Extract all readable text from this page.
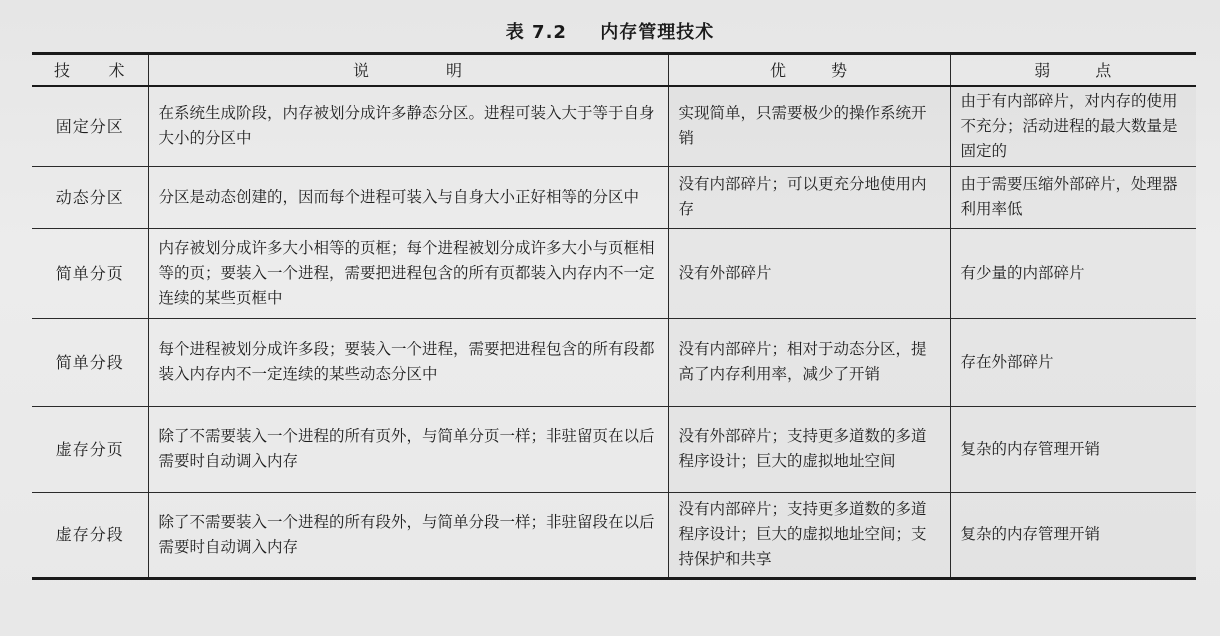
表 7.2 内存管理技术
技 术	说 明	优 势	弱 点
固定分区	在系统生成阶段，内存被划分成许多静态分区。进程可装入大于等于自身大小的分区中	实现简单，只需要极少的操作系统开销	由于有内部碎片，对内存的使用不充分；活动进程的最大数量是固定的
动态分区	分区是动态创建的，因而每个进程可装入与自身大小正好相等的分区中	没有内部碎片；可以更充分地使用内存	由于需要压缩外部碎片，处理器利用率低
简单分页	内存被划分成许多大小相等的页框；每个进程被划分成许多大小与页框相等的页；要装入一个进程，需要把进程包含的所有页都装入内存内不一定连续的某些页框中	没有外部碎片	有少量的内部碎片
简单分段	每个进程被划分成许多段；要装入一个进程，需要把进程包含的所有段都装入内存内不一定连续的某些动态分区中	没有内部碎片；相对于动态分区，提高了内存利用率，减少了开销	存在外部碎片
虚存分页	除了不需要装入一个进程的所有页外，与简单分页一样；非驻留页在以后需要时自动调入内存	没有外部碎片；支持更多道数的多道程序设计；巨大的虚拟地址空间	复杂的内存管理开销
虚存分段	除了不需要装入一个进程的所有段外，与简单分段一样；非驻留段在以后需要时自动调入内存	没有内部碎片；支持更多道数的多道程序设计；巨大的虚拟地址空间；支持保护和共享	复杂的内存管理开销
